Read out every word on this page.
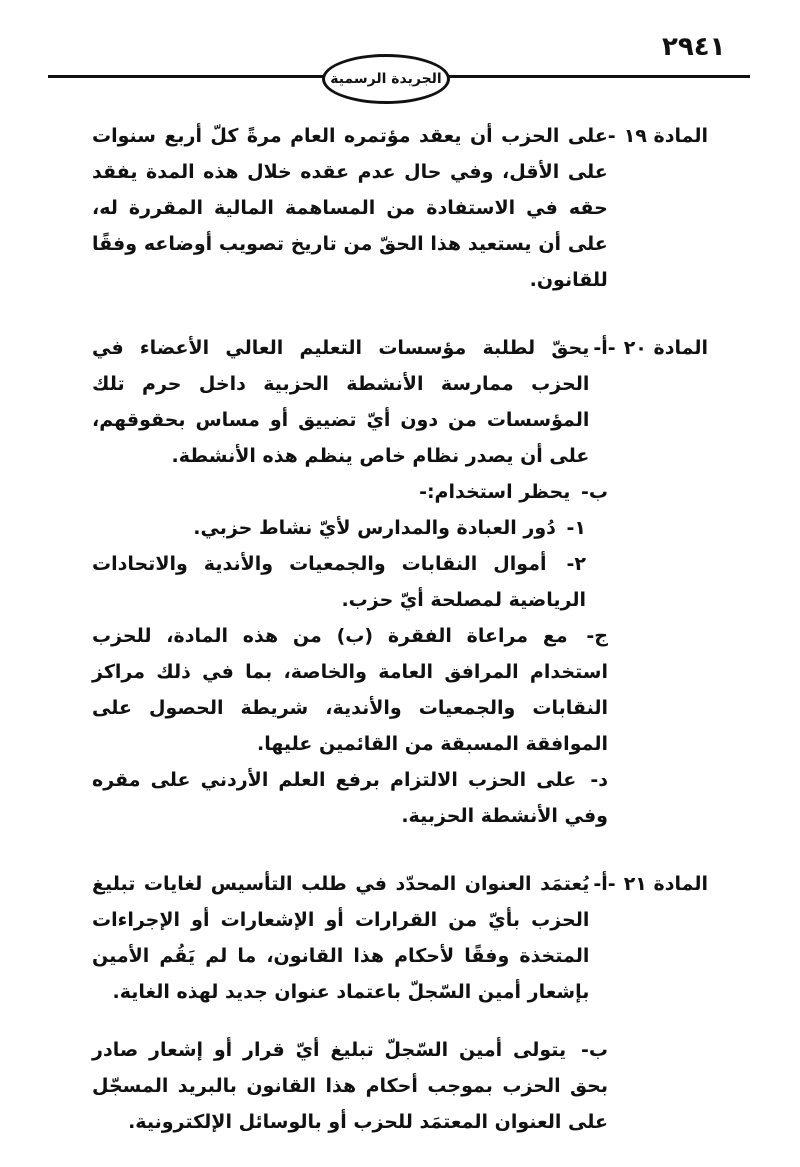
٢٩٤١
الجريدة الرسمية
المادة ١٩
-
على الحزب أن يعقد مؤتمره العام مرةً كلّ أربع سنوات على الأقل، وفي حال عدم عقده خلال هذه المدة يفقد حقه في الاستفادة من المساهمة المالية المقررة له، على أن يستعيد هذا الحقّ من تاريخ تصويب أوضاعه وفقًا للقانون.
المادة ٢٠
-
أ-
يحقّ لطلبة مؤسسات التعليم العالي الأعضاء في الحزب ممارسة الأنشطة الحزبية داخل حرم تلك المؤسسات من دون أيّ تضييق أو مساس بحقوقهم، على أن يصدر نظام خاص ينظم هذه الأنشطة.
ب- يحظر استخدام:-
١- دُور العبادة والمدارس لأيّ نشاط حزبي.
٢- أموال النقابات والجمعيات والأندية والاتحادات الرياضية لمصلحة أيّ حزب.
ج- مع مراعاة الفقرة (ب) من هذه المادة، للحزب استخدام المرافق العامة والخاصة، بما في ذلك مراكز النقابات والجمعيات والأندية، شريطة الحصول على الموافقة المسبقة من القائمين عليها.
د- على الحزب الالتزام برفع العلم الأردني على مقره وفي الأنشطة الحزبية.
المادة ٢١
-
أ-
يُعتمَد العنوان المحدّد في طلب التأسيس لغايات تبليغ الحزب بأيّ من القرارات أو الإشعارات أو الإجراءات المتخذة وفقًا لأحكام هذا القانون، ما لم يَقُم الأمين بإشعار أمين السّجلّ باعتماد عنوان جديد لهذه الغاية.
ب- يتولى أمين السّجلّ تبليغ أيّ قرار أو إشعار صادر بحق الحزب بموجب أحكام هذا القانون بالبريد المسجّل على العنوان المعتمَد للحزب أو بالوسائل الإلكترونية.
